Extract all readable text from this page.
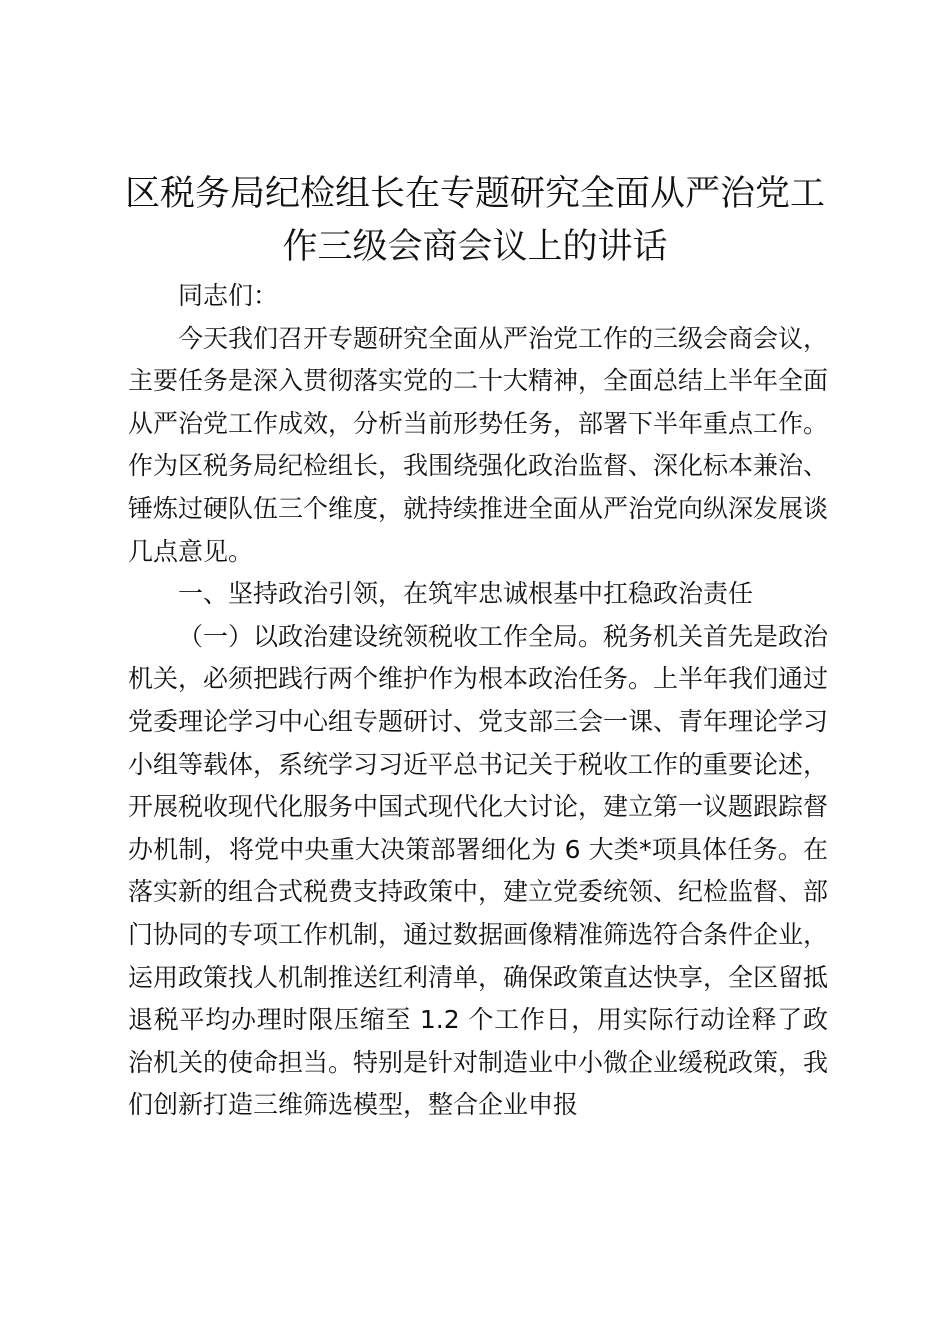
区税务局纪检组长在专题研究全面从严治党工作三级会商会议上的讲话

同志们：

今天我们召开专题研究全面从严治党工作的三级会商会议，主要任务是深入贯彻落实党的二十大精神，全面总结上半年全面从严治党工作成效，分析当前形势任务，部署下半年重点工作。作为区税务局纪检组长，我围绕强化政治监督、深化标本兼治、锤炼过硬队伍三个维度，就持续推进全面从严治党向纵深发展谈几点意见。

一、坚持政治引领，在筑牢忠诚根基中扛稳政治责任

（一）以政治建设统领税收工作全局。税务机关首先是政治机关，必须把践行两个维护作为根本政治任务。上半年我们通过党委理论学习中心组专题研讨、党支部三会一课、青年理论学习小组等载体，系统学习习近平总书记关于税收工作的重要论述，开展税收现代化服务中国式现代化大讨论，建立第一议题跟踪督办机制，将党中央重大决策部署细化为 6 大类*项具体任务。在落实新的组合式税费支持政策中，建立党委统领、纪检监督、部门协同的专项工作机制，通过数据画像精准筛选符合条件企业，运用政策找人机制推送红利清单，确保政策直达快享，全区留抵退税平均办理时限压缩至 1.2 个工作日，用实际行动诠释了政治机关的使命担当。特别是针对制造业中小微企业缓税政策，我们创新打造三维筛选模型，整合企业申报
